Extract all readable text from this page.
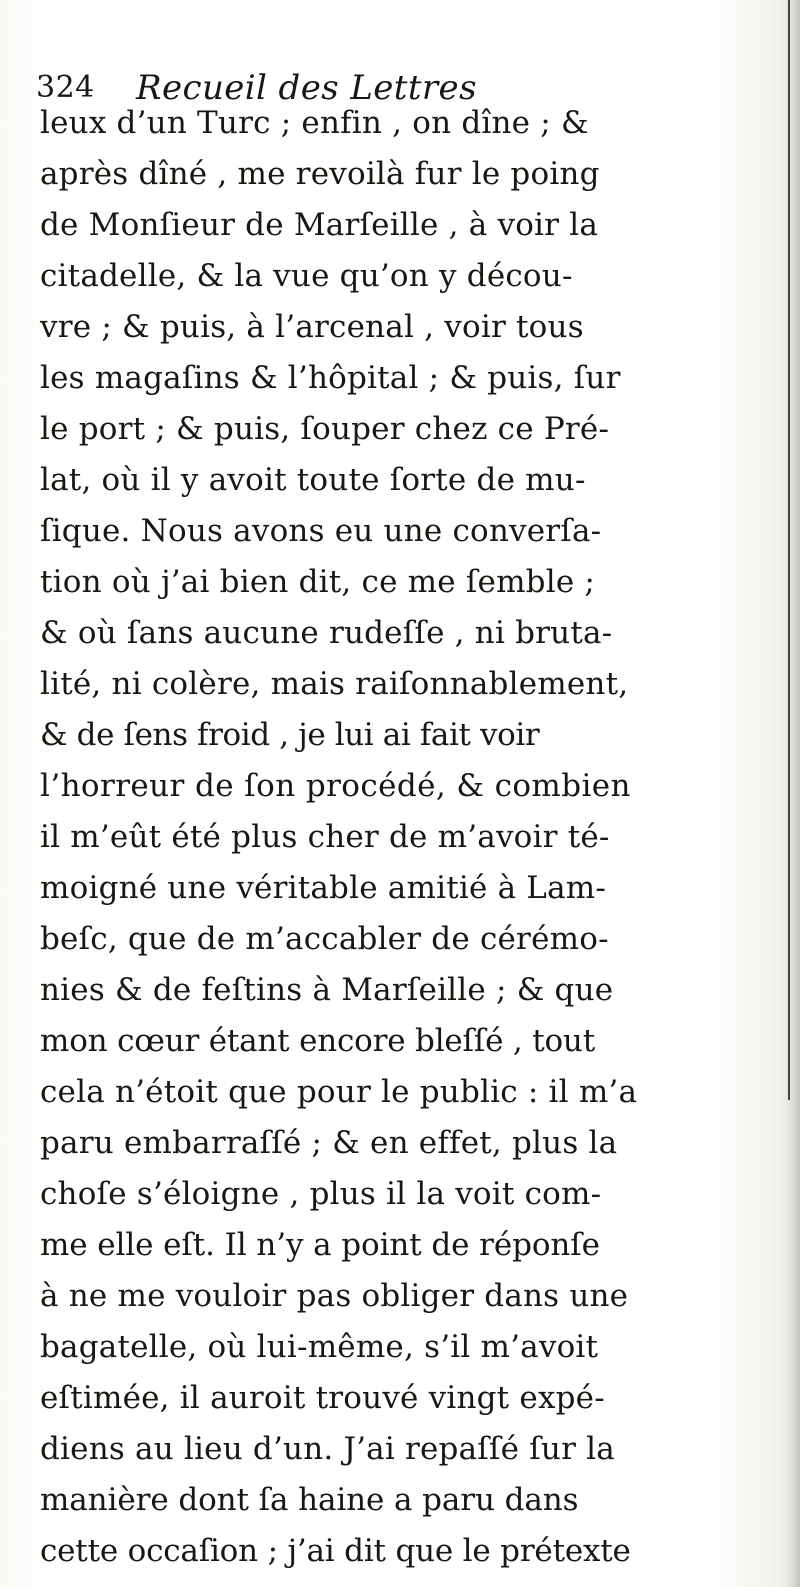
324 Recueil des Lettres
leux d’un Turc ; enfin , on dîne ; &
après dîné , me revoilà fur le poing
de Monſieur de Marſeille , à voir la
citadelle, & la vue qu’on y décou-
vre ; & puis, à l’arcenal , voir tous
les magaſins & l’hôpital ; & puis, ſur
le port ; & puis, ſouper chez ce Pré-
lat, où il y avoit toute ſorte de mu-
ſique. Nous avons eu une converſa-
tion où j’ai bien dit, ce me ſemble ;
& où ſans aucune rudeſſe , ni bruta-
lité, ni colère, mais raiſonnablement,
& de ſens froid , je lui ai fait voir
l’horreur de ſon procédé, & combien
il m’eût été plus cher de m’avoir té-
moigné une véritable amitié à Lam-
beſc, que de m’accabler de cérémo-
nies & de feſtins à Marſeille ; & que
mon cœur étant encore bleſſé , tout
cela n’étoit que pour le public : il m’a
paru embarraſſé ; & en effet, plus la
choſe s’éloigne , plus il la voit com-
me elle eſt. Il n’y a point de réponſe
à ne me vouloir pas obliger dans une
bagatelle, où lui-même, s’il m’avoit
eſtimée, il auroit trouvé vingt expé-
diens au lieu d’un. J’ai repaſſé ſur la
manière dont ſa haine a paru dans
cette occaſion ; j’ai dit que le prétexte
